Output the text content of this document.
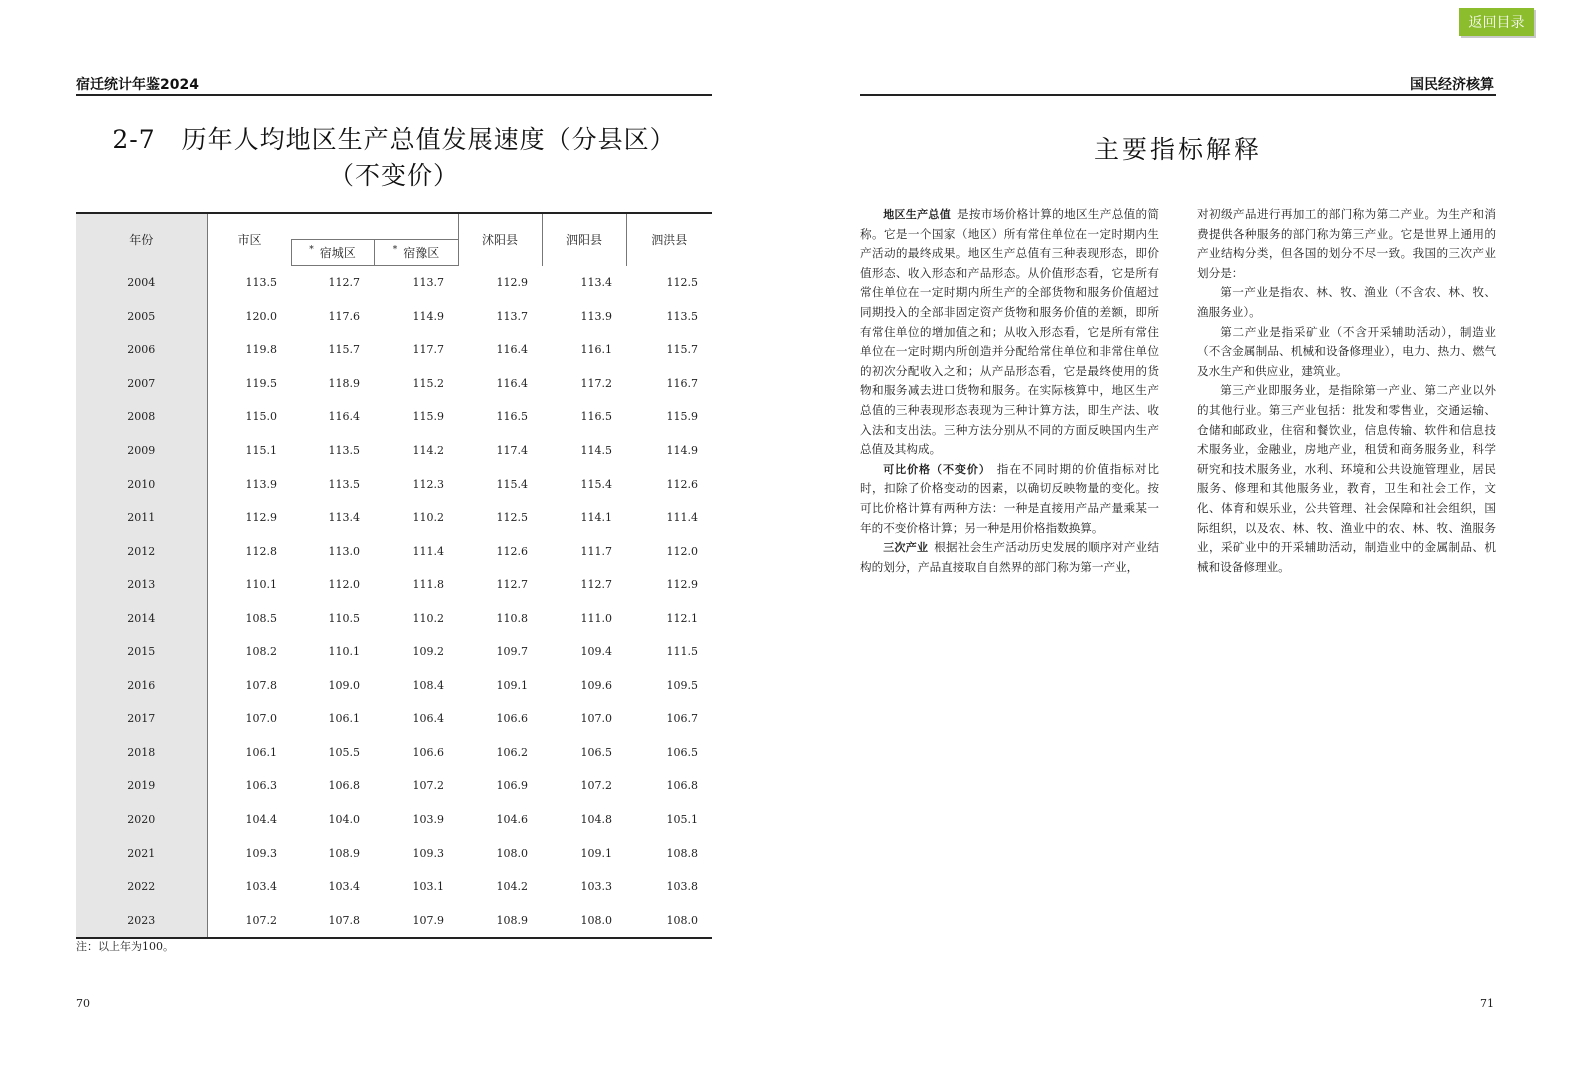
宿迁统计年鉴2024
2-7　历年人均地区生产总值发展速度（分县区）
（不变价）
年份	市区			沭阳县	泗阳县	泗洪县
		* 宿城区	* 宿豫区			
2004	113.5	112.7	113.7	112.9	113.4	112.5
2005	120.0	117.6	114.9	113.7	113.9	113.5
2006	119.8	115.7	117.7	116.4	116.1	115.7
2007	119.5	118.9	115.2	116.4	117.2	116.7
2008	115.0	116.4	115.9	116.5	116.5	115.9
2009	115.1	113.5	114.2	117.4	114.5	114.9
2010	113.9	113.5	112.3	115.4	115.4	112.6
2011	112.9	113.4	110.2	112.5	114.1	111.4
2012	112.8	113.0	111.4	112.6	111.7	112.0
2013	110.1	112.0	111.8	112.7	112.7	112.9
2014	108.5	110.5	110.2	110.8	111.0	112.1
2015	108.2	110.1	109.2	109.7	109.4	111.5
2016	107.8	109.0	108.4	109.1	109.6	109.5
2017	107.0	106.1	106.4	106.6	107.0	106.7
2018	106.1	105.5	106.6	106.2	106.5	106.5
2019	106.3	106.8	107.2	106.9	107.2	106.8
2020	104.4	104.0	103.9	104.6	104.8	105.1
2021	109.3	108.9	109.3	108.0	109.1	108.8
2022	103.4	103.4	103.1	104.2	103.3	103.8
2023	107.2	107.8	107.9	108.9	108.0	108.0
注：以上年为100。
70
返回目录
国民经济核算
主要指标解释

地区生产总值 是按市场价格计算的地区生产总值的简称。它是一个国家（地区）所有常住单位在一定时期内生产活动的最终成果。地区生产总值有三种表现形态，即价值形态、收入形态和产品形态。从价值形态看，它是所有常住单位在一定时期内所生产的全部货物和服务价值超过同期投入的全部非固定资产货物和服务价值的差额，即所有常住单位的增加值之和；从收入形态看，它是所有常住单位在一定时期内所创造并分配给常住单位和非常住单位的初次分配收入之和；从产品形态看，它是最终使用的货物和服务减去进口货物和服务。在实际核算中，地区生产总值的三种表现形态表现为三种计算方法，即生产法、收入法和支出法。三种方法分别从不同的方面反映国内生产总值及其构成。

可比价格（不变价） 指在不同时期的价值指标对比时，扣除了价格变动的因素，以确切反映物量的变化。按可比价格计算有两种方法：一种是直接用产品产量乘某一年的不变价格计算；另一种是用价格指数换算。

三次产业 根据社会生产活动历史发展的顺序对产业结构的划分，产品直接取自自然界的部门称为第一产业，

对初级产品进行再加工的部门称为第二产业。为生产和消费提供各种服务的部门称为第三产业。它是世界上通用的产业结构分类，但各国的划分不尽一致。我国的三次产业划分是：

第一产业是指农、林、牧、渔业（不含农、林、牧、渔服务业）。

第二产业是指采矿业（不含开采辅助活动），制造业（不含金属制品、机械和设备修理业），电力、热力、燃气及水生产和供应业，建筑业。

第三产业即服务业，是指除第一产业、第二产业以外的其他行业。第三产业包括：批发和零售业，交通运输、仓储和邮政业，住宿和餐饮业，信息传输、软件和信息技术服务业，金融业，房地产业，租赁和商务服务业，科学研究和技术服务业，水利、环境和公共设施管理业，居民服务、修理和其他服务业，教育，卫生和社会工作，文化、体育和娱乐业，公共管理、社会保障和社会组织，国际组织，以及农、林、牧、渔业中的农、林、牧、渔服务业，采矿业中的开采辅助活动，制造业中的金属制品、机械和设备修理业。

71
